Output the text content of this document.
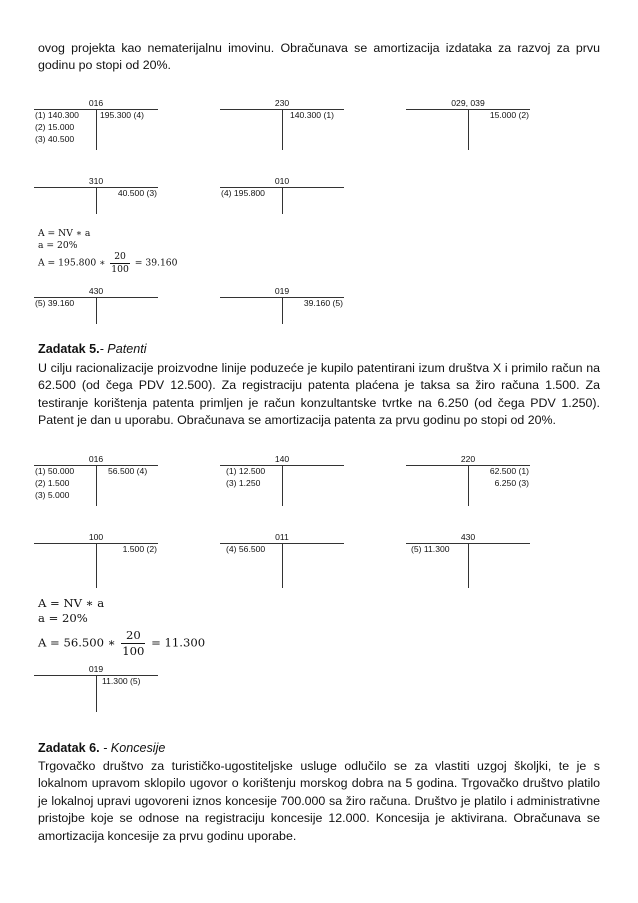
ovog projekta kao nematerijalnu imovinu. Obračunava se amortizacija izdataka za razvoj za prvu godinu po stopi od 20%.

016
(1) 140.300
(2) 15.000
(3) 40.500
195.300 (4)
230
140.300 (1)
029, 039
15.000 (2)
310
40.500 (3)
010
(4) 195.800
A = NV ∗ a
a = 20%
A = 195.800 ∗ $\frac{20}{100} = 39.160$
430
(5) 39.160
019
39.160 (5)

Zadatak 5.- Patenti

U cilju racionalizacije proizvodne linije poduzeće je kupilo patentirani izum društva X i primilo račun na 62.500 (od čega PDV 12.500). Za registraciju patenta plaćena je taksa sa žiro računa 1.500. Za testiranje korištenja patenta primljen je račun konzultantske tvrtke na 6.250 (od čega PDV 1.250). Patent je dan u uporabu. Obračunava se amortizacija patenta za prvu godinu po stopi od 20%.

016
(1) 50.000
(2) 1.500
(3) 5.000
56.500 (4)
140
(1) 12.500
(3) 1.250
220
62.500 (1)
6.250 (3)
100
1.500 (2)
011
(4) 56.500
430
(5) 11.300
A = NV ∗ a
a = 20%
A = 56.500 ∗ $\frac{20}{100} = 11.300$
019
11.300 (5)

Zadatak 6. - Koncesije

Trgovačko društvo za turističko-ugostiteljske usluge odlučilo se za vlastiti uzgoj školjki, te je s lokalnom upravom sklopilo ugovor o korištenju morskog dobra na 5 godina. Trgovačko društvo platilo je lokalnoj upravi ugovoreni iznos koncesije 700.000 sa žiro računa. Društvo je platilo i administrativne pristojbe koje se odnose na registraciju koncesije 12.000. Koncesija je aktivirana. Obračunava se amortizacija koncesije za prvu godinu uporabe.
